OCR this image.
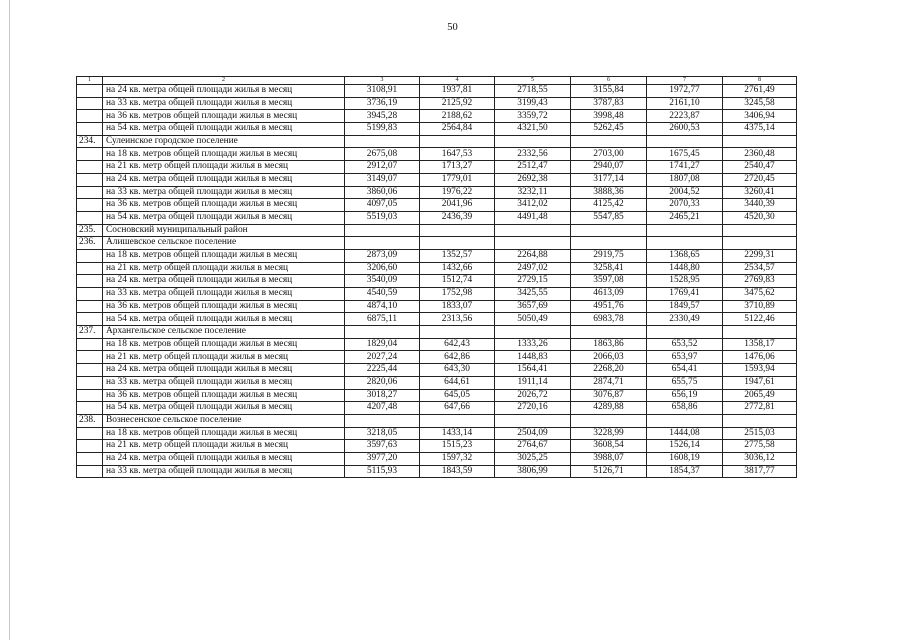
50
1	2	3	4	5	6	7	8
	на 24 кв. метра общей площади жилья в месяц	3108,91	1937,81	2718,55	3155,84	1972,77	2761,49
	на 33 кв. метра общей площади жилья в месяц	3736,19	2125,92	3199,43	3787,83	2161,10	3245,58
	на 36 кв. метров общей площади жилья в месяц	3945,28	2188,62	3359,72	3998,48	2223,87	3406,94
	на 54 кв. метра общей площади жилья в месяц	5199,83	2564,84	4321,50	5262,45	2600,53	4375,14
234.	Сулеинское городское поселение						
	на 18 кв. метров общей площади жилья в месяц	2675,08	1647,53	2332,56	2703,00	1675,45	2360,48
	на 21 кв. метр общей площади жилья в месяц	2912,07	1713,27	2512,47	2940,07	1741,27	2540,47
	на 24 кв. метра общей площади жилья в месяц	3149,07	1779,01	2692,38	3177,14	1807,08	2720,45
	на 33 кв. метра общей площади жилья в месяц	3860,06	1976,22	3232,11	3888,36	2004,52	3260,41
	на 36 кв. метров общей площади жилья в месяц	4097,05	2041,96	3412,02	4125,42	2070,33	3440,39
	на 54 кв. метра общей площади жилья в месяц	5519,03	2436,39	4491,48	5547,85	2465,21	4520,30
235.	Сосновский муниципальный район						
236.	Алишевское сельское поселение						
	на 18 кв. метров общей площади жилья в месяц	2873,09	1352,57	2264,88	2919,75	1368,65	2299,31
	на 21 кв. метр общей площади жилья в месяц	3206,60	1432,66	2497,02	3258,41	1448,80	2534,57
	на 24 кв. метра общей площади жилья в месяц	3540,09	1512,74	2729,15	3597,08	1528,95	2769,83
	на 33 кв. метра общей площади жилья в месяц	4540,59	1752,98	3425,55	4613,09	1769,41	3475,62
	на 36 кв. метров общей площади жилья в месяц	4874,10	1833,07	3657,69	4951,76	1849,57	3710,89
	на 54 кв. метра общей площади жилья в месяц	6875,11	2313,56	5050,49	6983,78	2330,49	5122,46
237.	Архангельское сельское поселение						
	на 18 кв. метров общей площади жилья в месяц	1829,04	642,43	1333,26	1863,86	653,52	1358,17
	на 21 кв. метр общей площади жилья в месяц	2027,24	642,86	1448,83	2066,03	653,97	1476,06
	на 24 кв. метра общей площади жилья в месяц	2225,44	643,30	1564,41	2268,20	654,41	1593,94
	на 33 кв. метра общей площади жилья в месяц	2820,06	644,61	1911,14	2874,71	655,75	1947,61
	на 36 кв. метров общей площади жилья в месяц	3018,27	645,05	2026,72	3076,87	656,19	2065,49
	на 54 кв. метра общей площади жилья в месяц	4207,48	647,66	2720,16	4289,88	658,86	2772,81
238.	Вознесенское сельское поселение						
	на 18 кв. метров общей площади жилья в месяц	3218,05	1433,14	2504,09	3228,99	1444,08	2515,03
	на 21 кв. метр общей площади жилья в месяц	3597,63	1515,23	2764,67	3608,54	1526,14	2775,58
	на 24 кв. метра общей площади жилья в месяц	3977,20	1597,32	3025,25	3988,07	1608,19	3036,12
	на 33 кв. метра общей площади жилья в месяц	5115,93	1843,59	3806,99	5126,71	1854,37	3817,77
